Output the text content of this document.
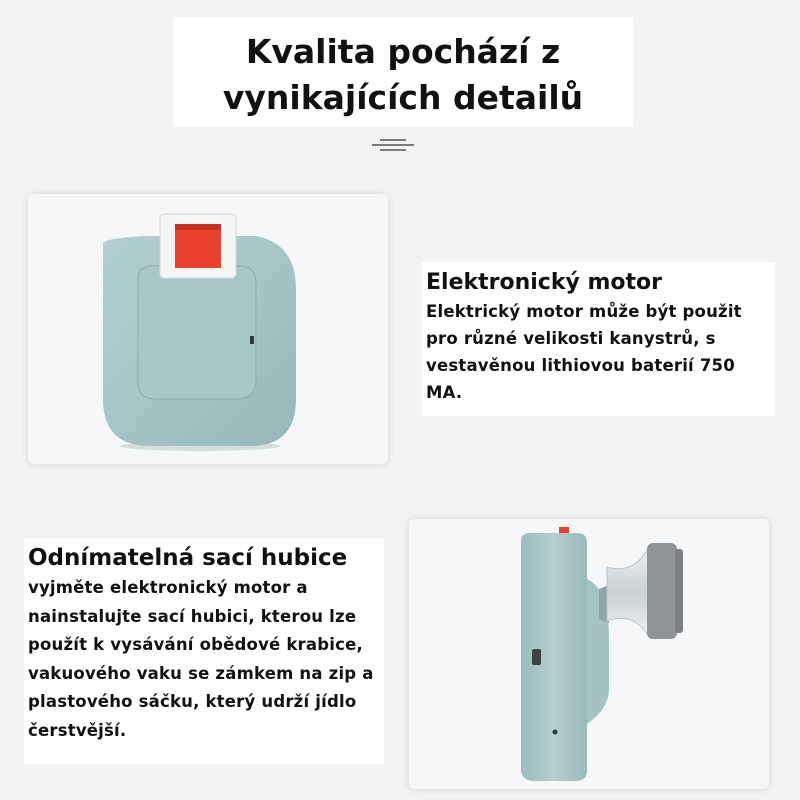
Kvalita pochází z
vynikajících detailů
Elektronický motor
Elektrický motor může být použit pro různé velikosti kanystrů, s vestavěnou lithiovou baterií 750 MA.
Odnímatelná sací hubice
vyjměte elektronický motor a nainstalujte sací hubici, kterou lze použít k vysávání obědové krabice, vakuového vaku se zámkem na zip a plastového sáčku, který udrží jídlo čerstvější.
